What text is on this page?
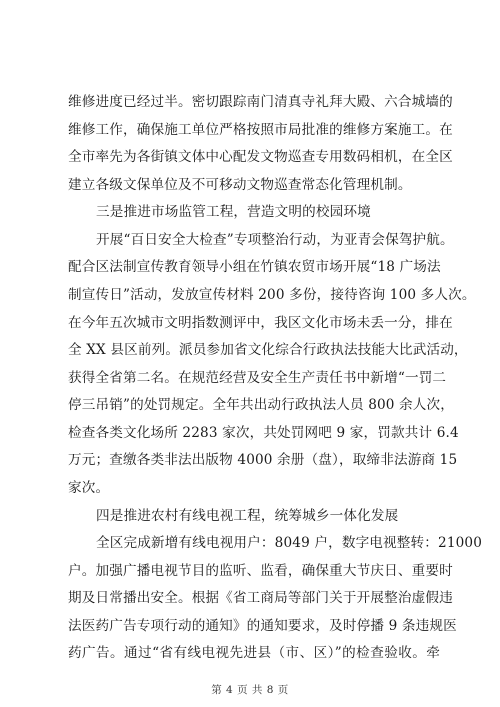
维修进度已经过半。密切跟踪南门清真寺礼拜大殿、六合城墙的
维修工作，确保施工单位严格按照市局批准的维修方案施工。在
全市率先为各街镇文体中心配发文物巡查专用数码相机，在全区
建立各级文保单位及不可移动文物巡查常态化管理机制。
三是推进市场监管工程，营造文明的校园环境
开展“百日安全大检查”专项整治行动，为亚青会保驾护航。
配合区法制宣传教育领导小组在竹镇农贸市场开展“18 广场法
制宣传日”活动，发放宣传材料 200 多份，接待咨询 100 多人次。
在今年五次城市文明指数测评中，我区文化市场未丢一分，排在
全 XX 县区前列。派员参加省文化综合行政执法技能大比武活动，
获得全省第二名。在规范经营及安全生产责任书中新增“一罚二
停三吊销”的处罚规定。全年共出动行政执法人员 800 余人次，
检查各类文化场所 2283 家次，共处罚网吧 9 家，罚款共计 6.4
万元；查缴各类非法出版物 4000 余册（盘），取缔非法游商 15
家次。
四是推进农村有线电视工程，统筹城乡一体化发展
全区完成新增有线电视用户：8049 户，数字电视整转：21000
户。加强广播电视节目的监听、监看，确保重大节庆日、重要时
期及日常播出安全。根据《省工商局等部门关于开展整治虚假违
法医药广告专项行动的通知》的通知要求，及时停播 9 条违规医
药广告。通过“省有线电视先进县（市、区）”的检查验收。牵
第 4 页 共 8 页
